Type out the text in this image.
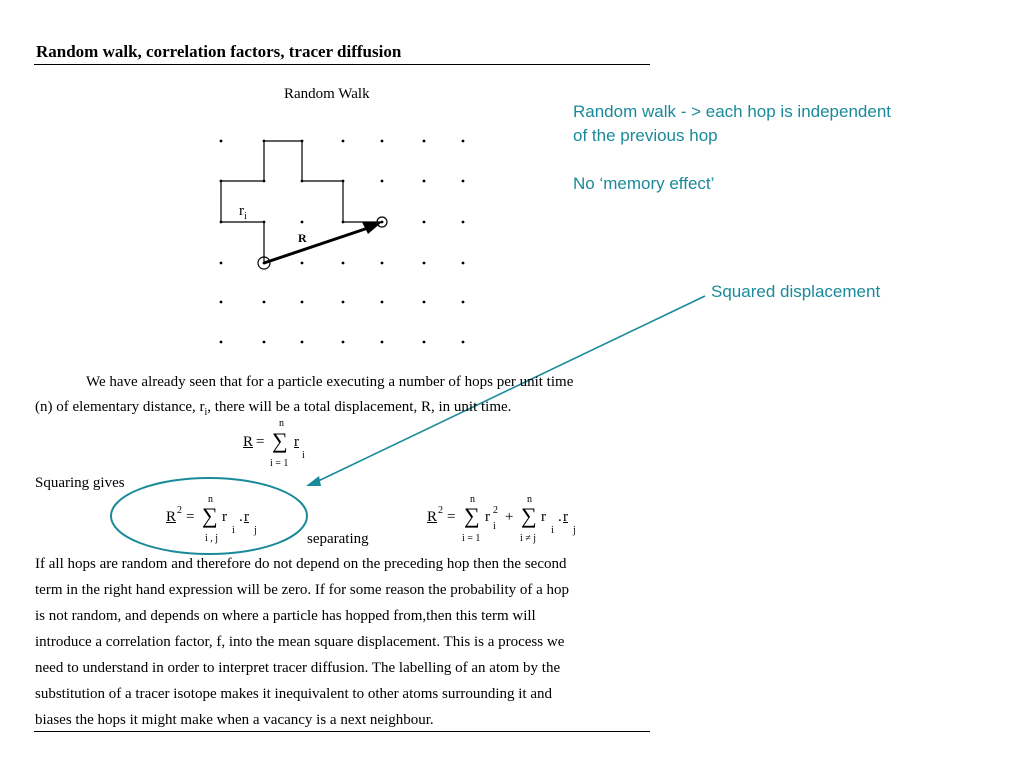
Random walk, correlation factors, tracer diffusion
Random Walk
$r_i$
R
Random walk - > each hop is independent
of the previous hop
No ‘memory effect’
Squared displacement
We have already seen that for a particle executing a number of hops per unit time
(n) of elementary distance, $r_i$, there will be a total displacement, R, in unit time.
R =
n
∑
i = 1
r
i
Squaring gives
R 2 =
n
∑
i , j
r
i
. r
j
separating
R 2 =
n
∑
i = 1
r 2
i
+
n
∑
i ≠ j
r
i
. r
j
If all hops are random and therefore do not depend on the preceding hop then the second
term in the right hand expression will be zero. If for some reason the probability of a hop
is not random, and depends on where a particle has hopped from,then this term will
introduce a correlation factor, f, into the mean square displacement. This is a process we
need to understand in order to interpret tracer diffusion. The labelling of an atom by the
substitution of a tracer isotope makes it inequivalent to other atoms surrounding it and
biases the hops it might make when a vacancy is a next neighbour.
